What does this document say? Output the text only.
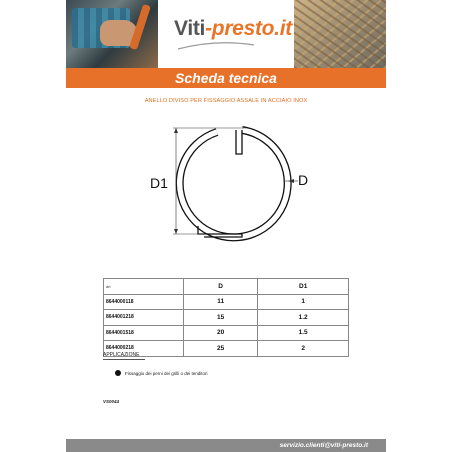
Viti-presto.it
Scheda tecnica
ANELLO DIVISO PER FISSAGGIO ASSALE IN ACCIAIO INOX
D1	D
art	D	D1
8644000118	11	1
8644001218	15	1.2
8644001518	20	1.5
8644000218	25	2
APPLICAZIONE
Fissaggio dei perni dei grilli o dei tenditori
VS0044
servizio.clienti@viti-presto.it
